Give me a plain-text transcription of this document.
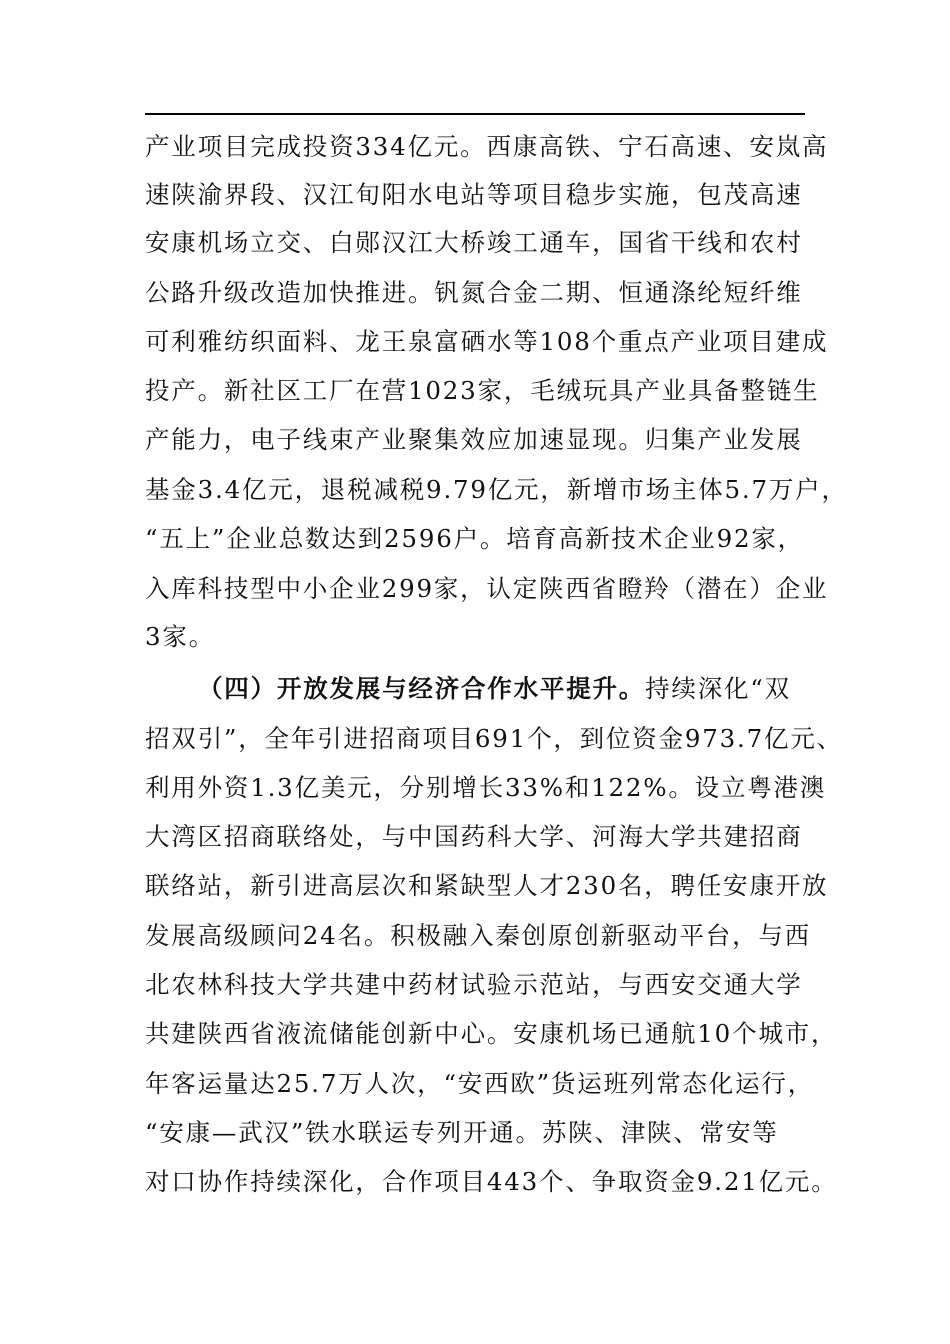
产业项目完成投资334亿元。西康高铁、宁石高速、安岚高
速陕渝界段、汉江旬阳水电站等项目稳步实施，包茂高速
安康机场立交、白郧汉江大桥竣工通车，国省干线和农村
公路升级改造加快推进。钒氮合金二期、恒通涤纶短纤维
可利雅纺织面料、龙王泉富硒水等108个重点产业项目建成
投产。新社区工厂在营1023家，毛绒玩具产业具备整链生
产能力，电子线束产业聚集效应加速显现。归集产业发展
基金3.4亿元，退税减税9.79亿元，新增市场主体5.7万户，
“五上”企业总数达到2596户。培育高新技术企业92家，
入库科技型中小企业299家，认定陕西省瞪羚（潜在）企业
3家。
（四）开放发展与经济合作水平提升。持续深化“双
招双引”，全年引进招商项目691个，到位资金973.7亿元、
利用外资1.3亿美元，分别增长33%和122%。设立粤港澳
大湾区招商联络处，与中国药科大学、河海大学共建招商
联络站，新引进高层次和紧缺型人才230名，聘任安康开放
发展高级顾问24名。积极融入秦创原创新驱动平台，与西
北农林科技大学共建中药材试验示范站，与西安交通大学
共建陕西省液流储能创新中心。安康机场已通航10个城市，
年客运量达25.7万人次，“安西欧”货运班列常态化运行，
“安康—武汉”铁水联运专列开通。苏陕、津陕、常安等
对口协作持续深化，合作项目443个、争取资金9.21亿元。
